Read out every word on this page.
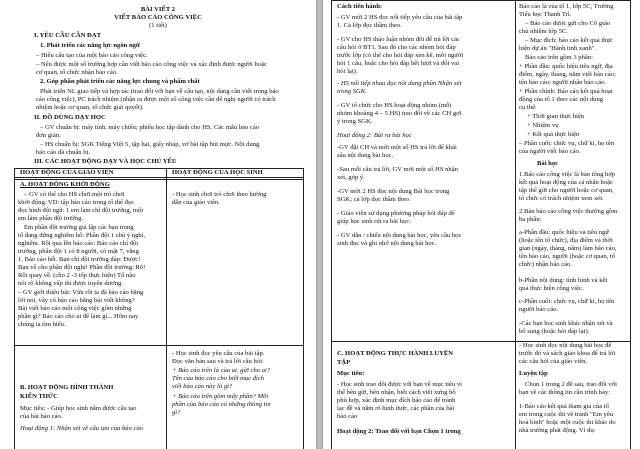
BÀI VIẾT 2
VIẾT BÁO CÁO CÔNG VIỆC
(1 tiết)
I. YÊU CẦU CẦN ĐẠT
1. Phát triển các năng lực ngôn ngữ
– Hiểu cấu tạo của một báo cáo công việc.
– Nêu được một số trường hợp cần viết báo cáo công việc và xác định được người hoặc
cơ quan, tổ chức nhận báo cáo.
2. Góp phần phát triển các năng lực chung và phẩm chất
Phát triển NL giao tiếp và hợp tác (trao đổi với bạn về cấu tạo, nội dung cần viết trong báo
cáo công việc), PC trách nhiệm (nhận ra được một số công việc cần để nghị người có trách
nhiệm hoặc cơ quan, tổ chức giải quyết).
II. ĐỒ DÙNG DẠY HỌC
– GV chuẩn bị: máy tính, máy chiếu; phiếu học tập dành cho HS. Các mẫu báo cáo
đơn giản.
– HS chuẩn bị: SGK Tiếng Việt 5, tập hai, giấy nháp, vở bài tập bút mực. Nội dung
báo cáo đã chuẩn bị.
III. CÁC HOẠT ĐỘNG DẠY VÀ HỌC CHỦ YẾU
HOẠT ĐỘNG CỦA GIÁO VIÊN	HOẠT ĐỘNG CỦA HỌC SINH
A. HOẠT ĐỘNG KHỞI ĐỘNG
– GV có thể cho HS chơi một trò chơi
khởi động. VD: tập báo cáo trong tổ thể đọc
đọc hình đội ngũ: 1 em làm chỉ đội trưởng, một
em làm phần đội trưởng.
Em phần đội trưởng giả lập các bạn trong
tổ đang đứng nghiêm hô: Phần đội 1 chú ý nghỉ,
nghiêm. Rồi qua lên báo cáo: Báo cáo chỉ đội
trưởng, phân đội 1 có 8 người, có mặt 7, vắng
1. Báo cáo hết. Bạn chỉ đội trưởng đáp: Được!
Bạn về cho phân đội nghỉ! Phần đội trưởng: Rõ!
Rồi quay về. (cho 2 -3 tốp thực hiện) Tổ nào
nói rõ không vấp thì được tuyên dương.
– GV giới thiệu bài: Vừa rồi ta đã báo cáo bằng
lời nói, vậy có báo cáo bằng bài viết không?
Bài viết báo cáo một công việc gồm những
phần gì? Báo cáo cho ai để làm gì... Hôm nay
chúng ta tìm hiểu.
B. HOẠT ĐỘNG HÌNH THÀNH
KIẾN THỨC
Mục tiêu: - Giúp học sinh nắm được cấu tạo
của bài báo cáo.
Hoạt động 1: Nhận xét về cấu tạo của báo cáo
- Học sinh chơi trò chơi theo hướng
dẫn của giáo viên.
- Học sinh đọc yêu cầu của bài tập.
Đọc văn bản sau và trả lời câu hỏi:
+ Báo cáo trên là của ai, gửi cho ai?
Tên của báo cáo cho biết mục đích
viết báo cáo này là gì?
+ Báo cáo trên gồm mấy phần? Mỗi
phần của báo cáo có những thông tin
gì?
Cách tiến hành:
- GV mời 2 HS đọc nối tiếp yêu cầu của bài tập
1. Cả lớp đọc thầm theo.
- GV cho HS thảo luận nhóm đôi để trả lời các
câu hỏi ở BT1. Sau đó cho các nhóm hỏi đáp
trước lớp (có thể cho hỏi đáp xen kẽ, mỗi người
hỏi 1 câu, hoặc cho hỏi đáp hết lượt và đổi vai
hỏi lại).
- HS nối tiếp nhau đọc nội dung phần Nhận xét
trong SGK.
- GV tổ chức cho HS hoạt động nhóm (mỗi
nhóm khoảng 4 – 5 HS) trao đổi về các CH gợi
ý trong SGK.
Hoạt động 2: Bài ra bài học
-GV đặt CH và mời một số HS trả lời để khái
sâu nội dung bài học.
-Sau mỗi câu trả lời, GV mời một số HS nhận
xét, góp ý.
-GV mời 2 HS đọc nội dung Bài học trong
SGK; cả lớp đọc thầm theo.
- Giáo viên sử dụng phương pháp hỏi đáp để
giúp học sinh rút ra bài học:
- GV dẫn / chiếu nội dung bài học, yêu cầu học
sinh đọc và ghi nhớ nội dung bài học.
C. HOẠT ĐỘNG THỰC HÀNH LUYỆN
TẬP
Mục tiêu:
- Học sinh trao đổi được với bạn về mục tiêu vi
thể bên gửi, bên nhận, biết cách viết xưng hô
phù hợp, xác định mục đích báo cáo để tránh
lạc đề và nắm rõ hình thức, các phần của bài
báo cáo
Hoạt động 2: Trao đổi với bạn Chọn 1 trong
Báo cáo là của tổ 1, lớp 5C, Trường
Tiểu học Thanh Trì.
– Báo cáo được gửi cho Cô giáo
chủ nhiệm lớp 5C.
– Mục đích: báo cáo kết quả thực
hiện dự án "Hành tinh xanh".
Báo cáo trên gồm 3 phần:
+ Phần đầu: quốc hiệu tiêu ngữ, địa
điểm, ngày, tháng, năm viết báo cáo;
tên báo cáo; người nhận báo cáo.
+ Phần chính: Báo cáo kết quả hoạt
động của tổ 1 theo các nội dung
cụ thể:
+ Thời gian thực hiện
+ Nhiệm vụ
+ Kết quả thực hiện
– Phần cuối: chức vụ, chữ kí, họ tên
của người viết báo cáo.
Bài học
1.Báo cáo công việc là bản tổng hợp
kết quả hoạt động của cá nhân hoặc
tập thể gửi cho người hoặc cơ quan,
tổ chức có trách nhiệm xem xét.
2.Bản báo cáo công việc thường gồm
ba phần:
a-Phần đầu: quốc hiệu và tiêu ngữ
(hoặc tên tổ chức), địa điểm và thời
gian (ngày, tháng, năm) làm báo cáo,
tên báo cáo, người (hoặc cơ quan, tổ
chức) nhận báo cáo.
b-Phần nội dung: tình hình và kết
quả thực hiện công việc.
c-Phần cuối: chức vụ, chữ kí, họ tên
người báo cáo.
-Các bạn học sinh khác nhận xét và
bổ sung (hoặc hỏi đáp lại).
- Học sinh đọc nội dung bài học để
trước đó và sách giáo khoa để trả lời
các câu hỏi của giáo viên.
Luyện tập
Chọn 1 trong 2 đề sau, trao đổi với
bạn về các thông tin cần trình bày:
1-Báo cáo kết quả tham gia của tổ
em trong cuộc thi vẽ tranh "Em yêu
hoà bình" hoặc một cuộc thi khác do
nhà trường phát động. Ví dụ:
